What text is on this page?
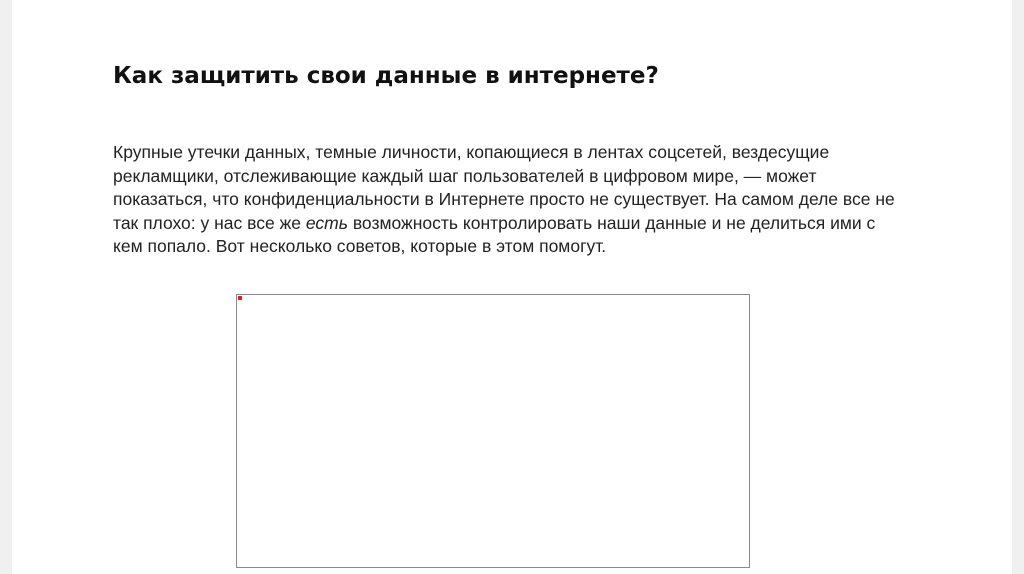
Как защитить свои данные в интернете?

Крупные утечки данных, темные личности, копающиеся в лентах соцсетей, вездесущие рекламщики, отслеживающие каждый шаг пользователей в цифровом мире, — может показаться, что конфиденциальности в Интернете просто не существует. На самом деле все не так плохо: у нас все же есть возможность контролировать наши данные и не делиться ими с кем попало. Вот несколько советов, которые в этом помогут.
